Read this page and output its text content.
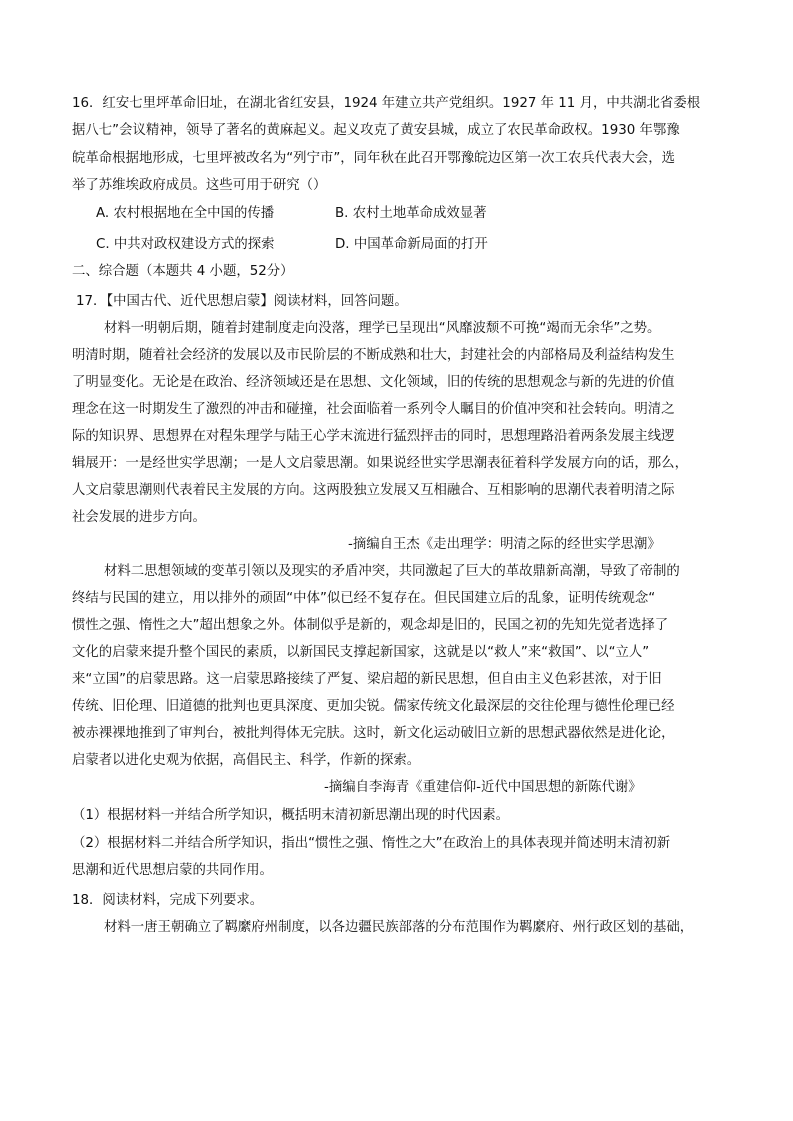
16．红安七里坪革命旧址，在湖北省红安县，1924 年建立共产党组织。1927 年 11 月，中共湖北省委根
据八七”会议精神，领导了著名的黄麻起义。起义攻克了黄安县城，成立了农民革命政权。1930 年鄂豫
皖革命根据地形成，七里坪被改名为“列宁市”，同年秋在此召开鄂豫皖边区第一次工农兵代表大会，选
举了苏维埃政府成员。这些可用于研究（）
A. 农村根据地在全中国的传播	B. 农村土地革命成效显著
C. 中共对政权建设方式的探索	D. 中国革命新局面的打开
二、综合题（本题共 4 小题，52分）
17．【中国古代、近代思想启蒙】阅读材料，回答问题。
材料一明朝后期，随着封建制度走向没落，理学已呈现出“风靡波颓不可挽“竭而无余华”之势。
明清时期，随着社会经济的发展以及市民阶层的不断成熟和壮大，封建社会的内部格局及利益结构发生
了明显变化。无论是在政治、经济领域还是在思想、文化领域，旧的传统的思想观念与新的先进的价值
理念在这一时期发生了激烈的冲击和碰撞，社会面临着一系列令人瞩目的价值冲突和社会转向。明清之
际的知识界、思想界在对程朱理学与陆王心学末流进行猛烈抨击的同时，思想理路沿着两条发展主线逻
辑展开：一是经世实学思潮；一是人文启蒙思潮。如果说经世实学思潮表征着科学发展方向的话，那么，
人文启蒙思潮则代表着民主发展的方向。这两股独立发展又互相融合、互相影响的思潮代表着明清之际
社会发展的进步方向。
-摘编自王杰《走出理学：明清之际的经世实学思潮》
材料二思想领域的变革引领以及现实的矛盾冲突，共同激起了巨大的革故鼎新高潮，导致了帝制的
终结与民国的建立，用以排外的顽固“中体”似已经不复存在。但民国建立后的乱象，证明传统观念“
惯性之强、惰性之大”超出想象之外。体制似乎是新的，观念却是旧的，民国之初的先知先觉者选择了
文化的启蒙来提升整个国民的素质，以新国民支撑起新国家，这就是以“救人”来“救国”、以“立人”
来“立国”的启蒙思路。这一启蒙思路接续了严复、梁启超的新民思想，但自由主义色彩甚浓，对于旧
传统、旧伦理、旧道德的批判也更具深度、更加尖锐。儒家传统文化最深层的交往伦理与德性伦理已经
被赤裸裸地推到了审判台，被批判得体无完肤。这时，新文化运动破旧立新的思想武器依然是进化论，
启蒙者以进化史观为依据，高倡民主、科学，作新的探索。
-摘编自李海青《重建信仰-近代中国思想的新陈代谢》
（1）根据材料一并结合所学知识，概括明末清初新思潮出现的时代因素。
（2）根据材料二并结合所学知识，指出“惯性之强、惰性之大”在政治上的具体表现并简述明末清初新
思潮和近代思想启蒙的共同作用。
18．阅读材料，完成下列要求。
材料一唐王朝确立了羁縻府州制度，以各边疆民族部落的分布范围作为羁縻府、州行政区划的基础，
